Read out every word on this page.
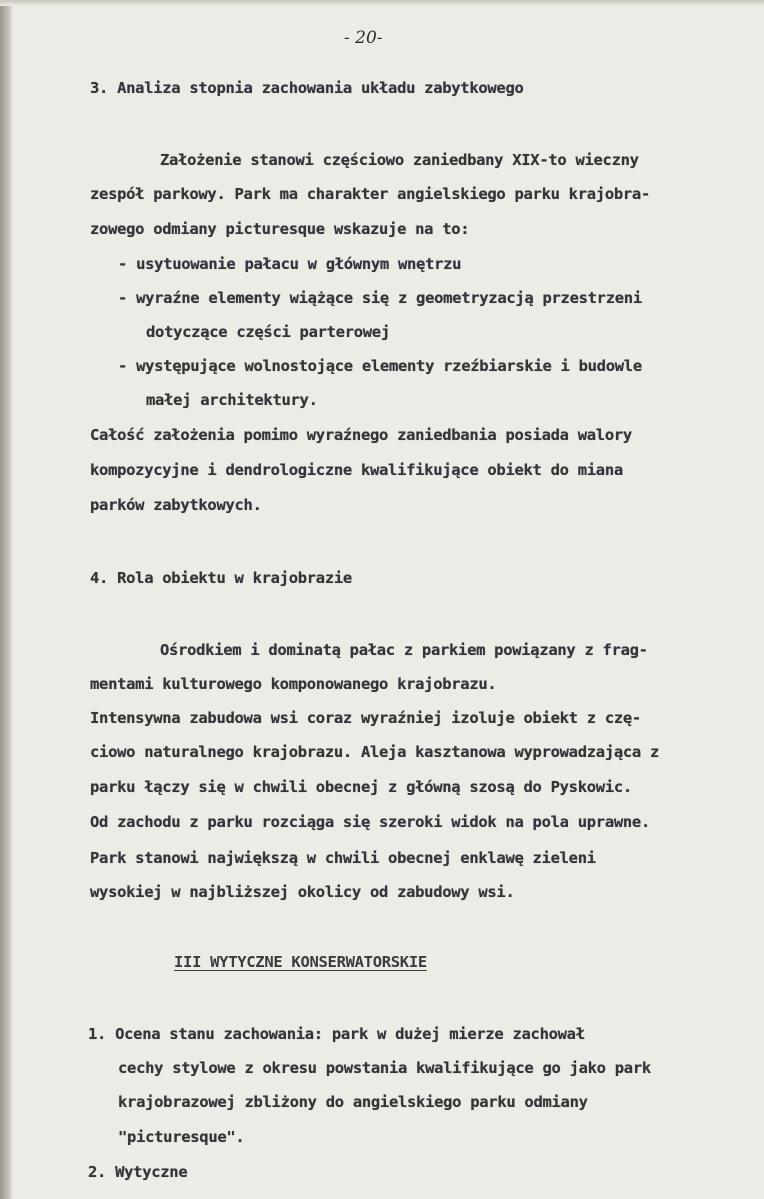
- 20-
3. Analiza stopnia zachowania układu zabytkowego
Założenie stanowi częściowo zaniedbany XIX-to wieczny
zespół parkowy. Park ma charakter angielskiego parku krajobra-
zowego odmiany picturesque wskazuje na to:
- usytuowanie pałacu w głównym wnętrzu
- wyraźne elementy wiążące się z geometryzacją przestrzeni
dotyczące części parterowej
- występujące wolnostojące elementy rzeźbiarskie i budowle
małej architektury.
Całość założenia pomimo wyraźnego zaniedbania posiada walory
kompozycyjne i dendrologiczne kwalifikujące obiekt do miana
parków zabytkowych.
4. Rola obiektu w krajobrazie
Ośrodkiem i dominatą pałac z parkiem powiązany z frag-
mentami kulturowego komponowanego krajobrazu.
Intensywna zabudowa wsi coraz wyraźniej izoluje obiekt z czę-
ciowo naturalnego krajobrazu. Aleja kasztanowa wyprowadzająca z
parku łączy się w chwili obecnej z główną szosą do Pyskowic.
Od zachodu z parku rozciąga się szeroki widok na pola uprawne.
Park stanowi największą w chwili obecnej enklawę zieleni
wysokiej w najbliższej okolicy od zabudowy wsi.
III WYTYCZNE KONSERWATORSKIE
1. Ocena stanu zachowania: park w dużej mierze zachował
cechy stylowe z okresu powstania kwalifikujące go jako park
krajobrazowej zbliżony do angielskiego parku odmiany
"picturesque".
2. Wytyczne
